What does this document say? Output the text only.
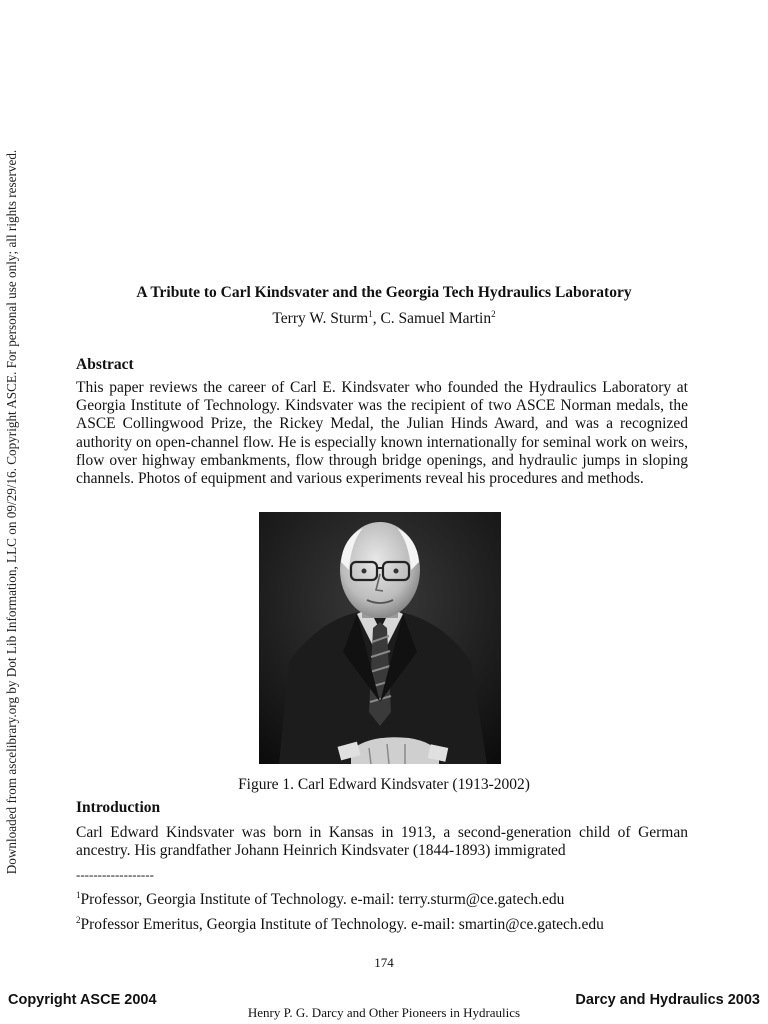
Downloaded from ascelibrary.org by Dot Lib Information, LLC on 09/29/16. Copyright ASCE. For personal use only; all rights reserved.	A Tribute to Carl Kindsvater and the Georgia Tech Hydraulics Laboratory
Terry W. Sturm$^1$, C. Samuel Martin$^2$
Abstract

This paper reviews the career of Carl E. Kindsvater who founded the Hydraulics Laboratory at Georgia Institute of Technology. Kindsvater was the recipient of two ASCE Norman medals, the ASCE Collingwood Prize, the Rickey Medal, the Julian Hinds Award, and was a recognized authority on open-channel flow. He is especially known internationally for seminal work on weirs, flow over highway embankments, flow through bridge openings, and hydraulic jumps in sloping channels. Photos of equipment and various experiments reveal his procedures and methods.

Figure 1. Carl Edward Kindsvater (1913-2002)
Introduction

Carl Edward Kindsvater was born in Kansas in 1913, a second-generation child of German ancestry. His grandfather Johann Heinrich Kindsvater (1844-1893) immigrated

------------------
$^1$Professor, Georgia Institute of Technology. e-mail: terry.sturm@ce.gatech.edu
$^2$Professor Emeritus, Georgia Institute of Technology. e-mail: smartin@ce.gatech.edu
174
Copyright ASCE 2004	Darcy and Hydraulics 2003
Henry P. G. Darcy and Other Pioneers in Hydraulics
